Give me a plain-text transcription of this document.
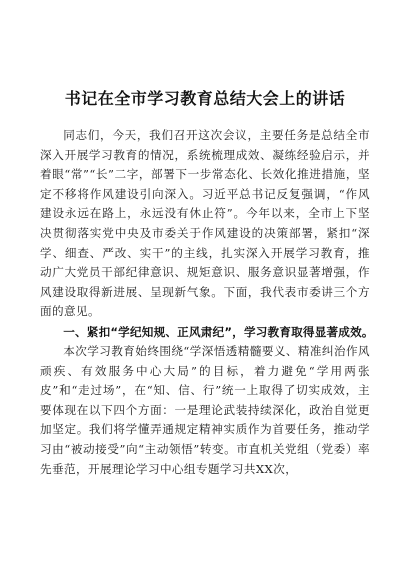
书记在全市学习教育总结大会上的讲话

同志们，今天，我们召开这次会议，主要任务是总结全市深入开展学习教育的情况，系统梳理成效、凝练经验启示，并着眼“常”“长”二字，部署下一步常态化、长效化推进措施，坚定不移将作风建设引向深入。习近平总书记反复强调，“作风建设永远在路上，永远没有休止符”。今年以来，全市上下坚决贯彻落实党中央及市委关于作风建设的决策部署，紧扣“深学、细查、严改、实干”的主线，扎实深入开展学习教育，推动广大党员干部纪律意识、规矩意识、服务意识显著增强，作风建设取得新进展、呈现新气象。下面，我代表市委讲三个方面的意见。

一、紧扣“学纪知规、正风肃纪”，学习教育取得显著成效。

本次学习教育始终围绕“学深悟透精髓要义、精准纠治作风顽疾、有效服务中心大局”的目标，着力避免“学用两张皮”和“走过场”，在“知、信、行”统一上取得了切实成效，主要体现在以下四个方面：一是理论武装持续深化，政治自觉更加坚定。我们将学懂弄通规定精神实质作为首要任务，推动学习由“被动接受”向“主动领悟”转变。市直机关党组（党委）率先垂范，开展理论学习中心组专题学习共XX次，
